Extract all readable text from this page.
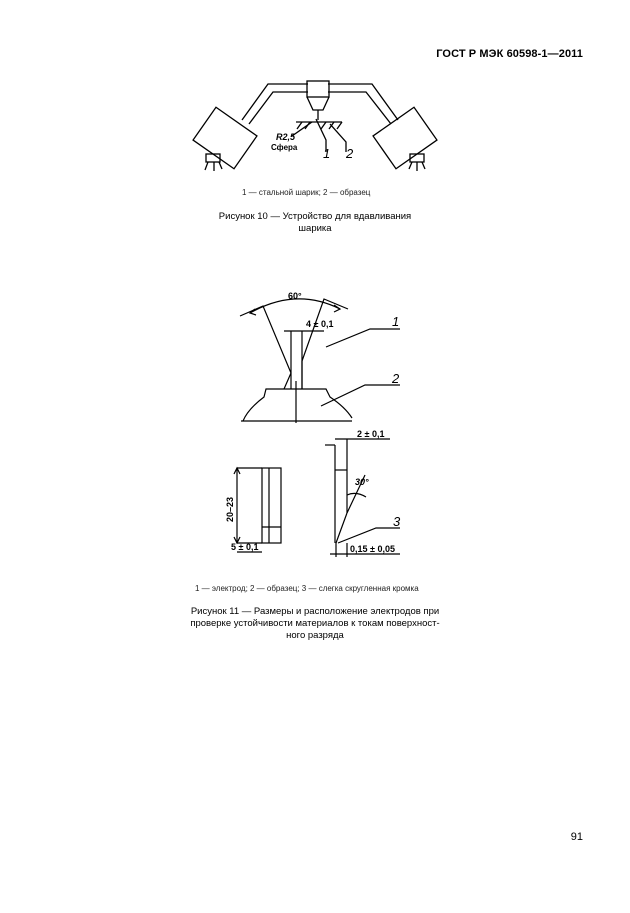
ГОСТ Р МЭК 60598-1—2011
R2,5
Сфера 1 2
1 — стальной шарик; 2 — образец
Рисунок 10 — Устройство для вдавливания
шарика
60°
4 ± 0,1	1
2
20–23
5 ± 0,1
2 ± 0,1
30°
3
0,15 ± 0,05
1 — электрод; 2 — образец; 3 — слегка скругленная кромка
Рисунок 11 — Размеры и расположение электродов при
проверке устойчивости материалов к токам поверхност-
ного разряда
91
